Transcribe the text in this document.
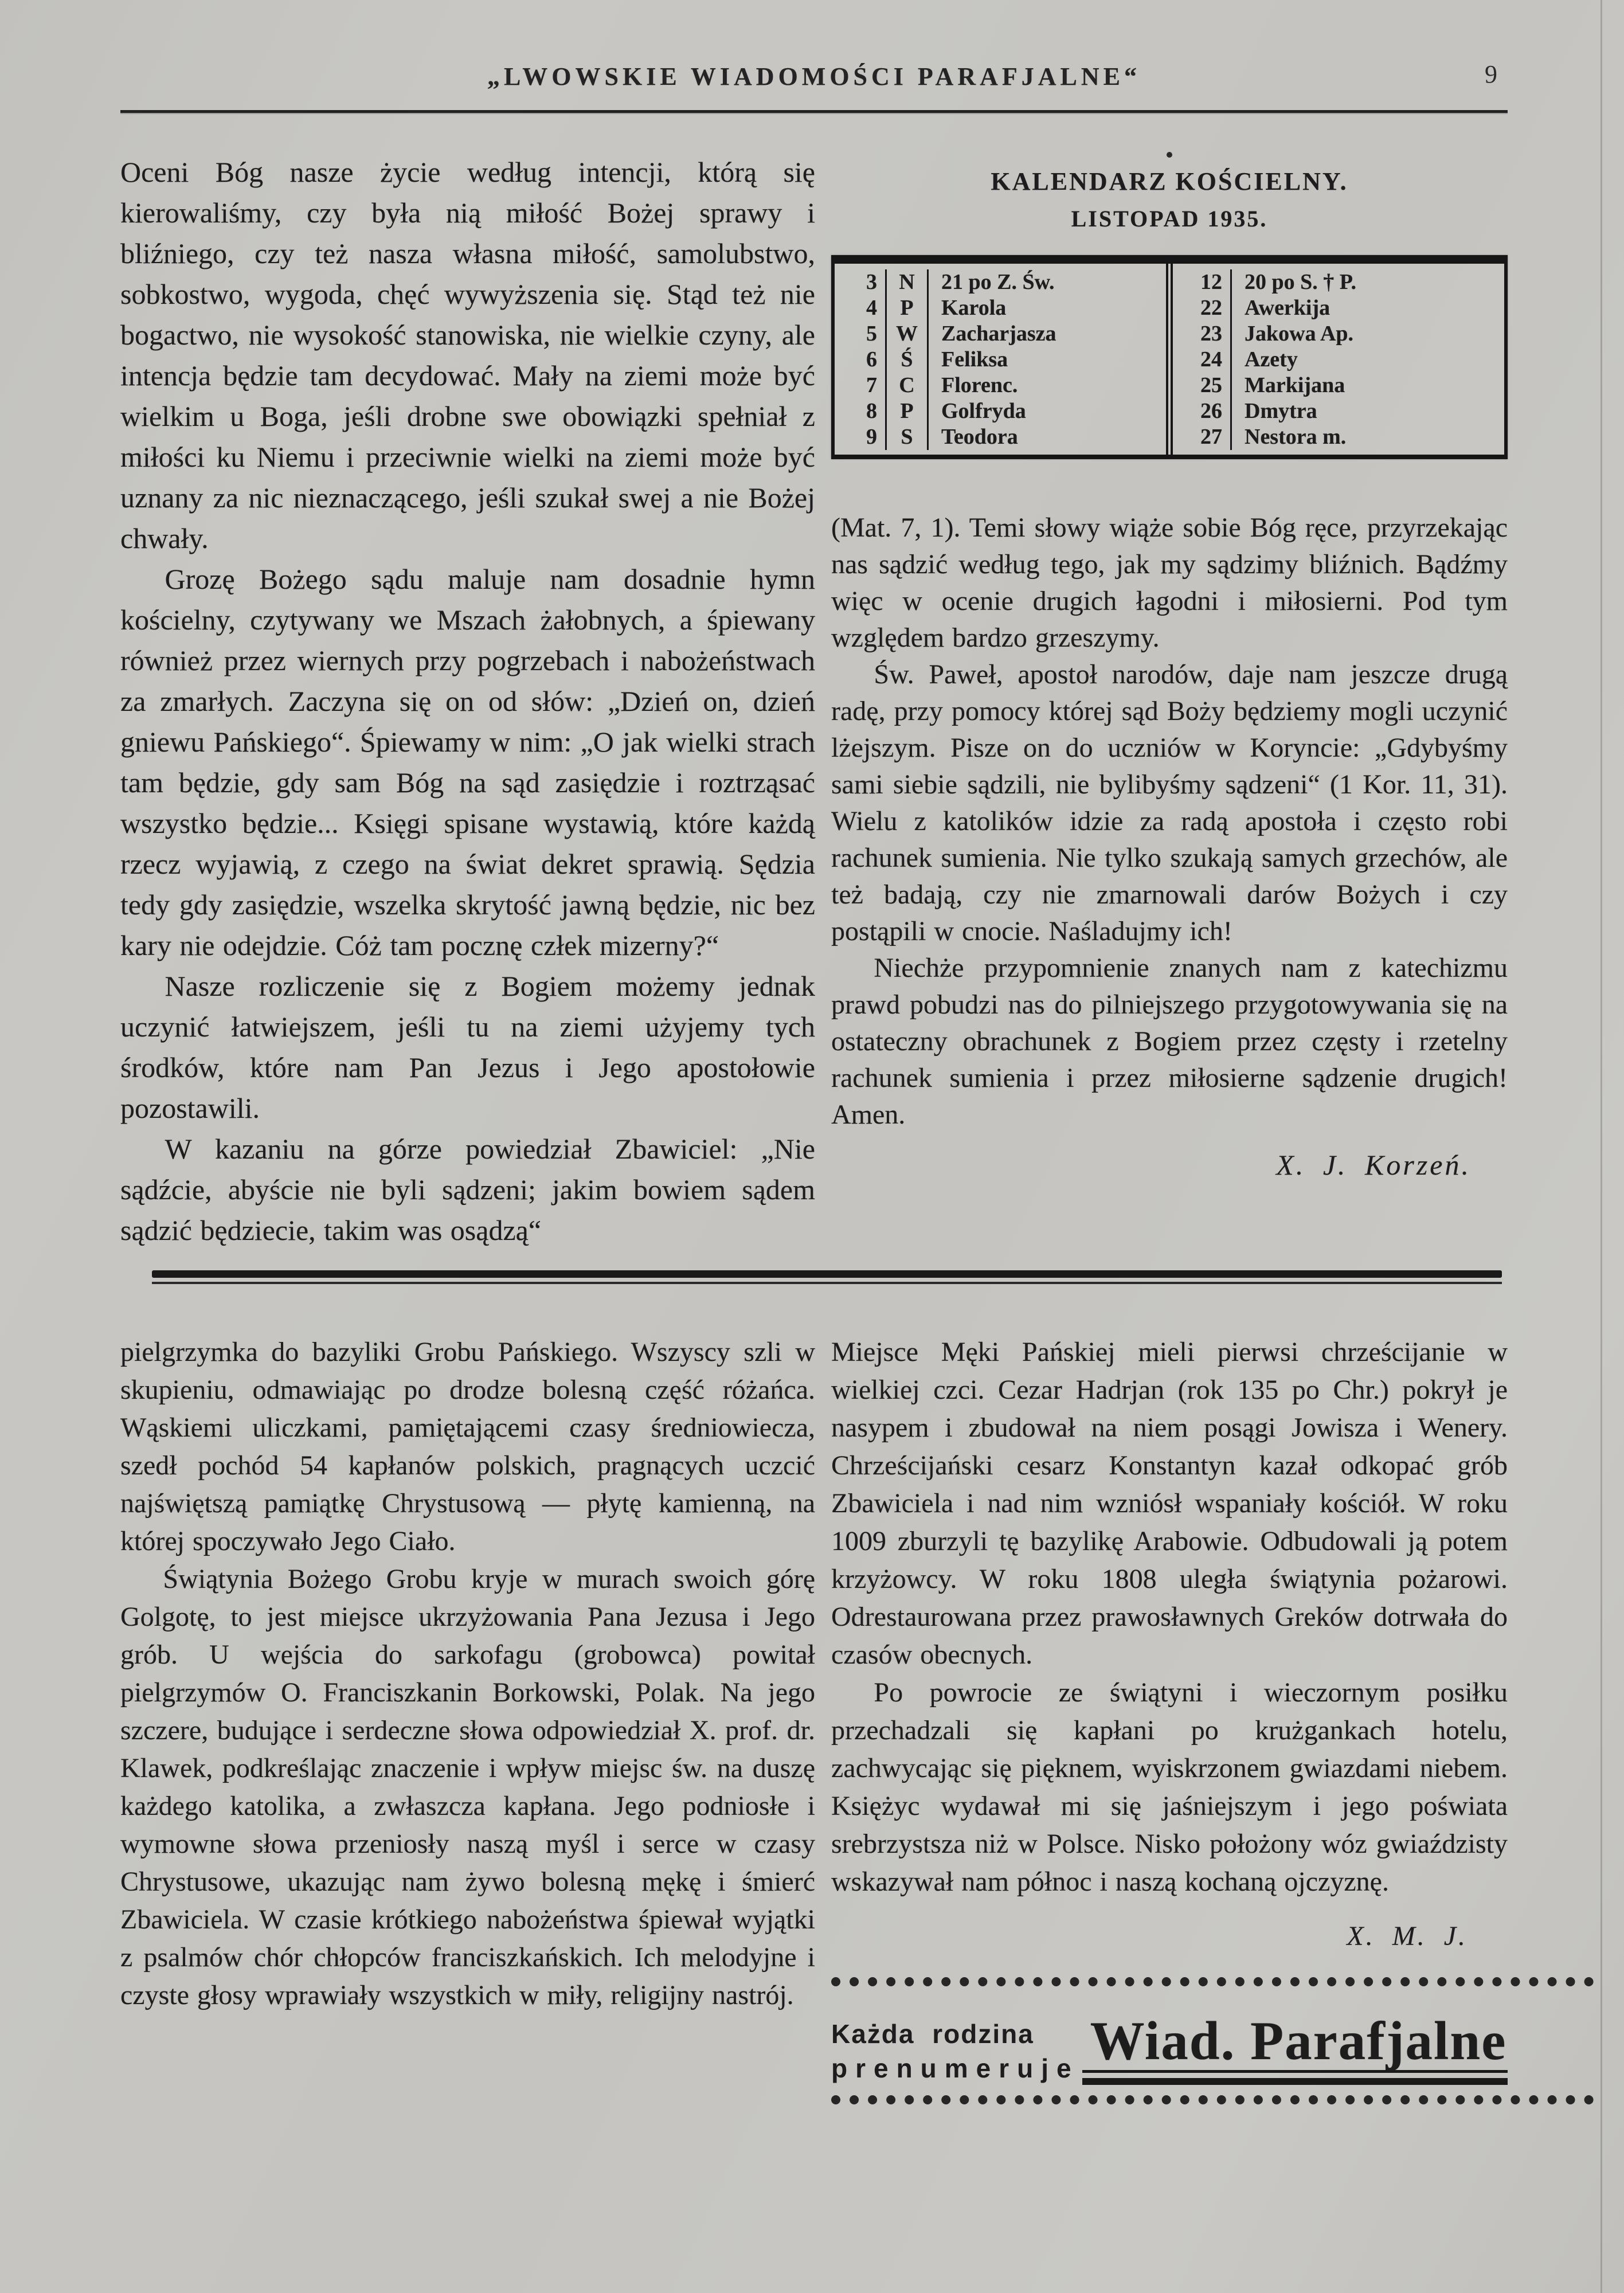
„LWOWSKIE WIADOMOŚCI PARAFJALNE“	9

Oceni Bóg nasze życie według intencji, którą się kierowaliśmy, czy była nią miłość Bożej sprawy i bliźniego, czy też nasza własna miłość, samolubstwo, sobkostwo, wygoda, chęć wywyższenia się. Stąd też nie bogactwo, nie wysokość stanowiska, nie wielkie czyny, ale intencja będzie tam decydować. Mały na ziemi może być wielkim u Boga, jeśli drobne swe obowiązki spełniał z miłości ku Niemu i przeciwnie wielki na ziemi może być uznany za nic nieznaczącego, jeśli szukał swej a nie Bożej chwały.

Grozę Bożego sądu maluje nam dosadnie hymn kościelny, czytywany we Mszach żałobnych, a śpiewany również przez wiernych przy pogrzebach i nabożeństwach za zmarłych. Zaczyna się on od słów: „Dzień on, dzień gniewu Pańskiego“. Śpiewamy w nim: „O jak wielki strach tam będzie, gdy sam Bóg na sąd zasiędzie i roztrząsać wszystko będzie... Księgi spisane wystawią, które każdą rzecz wyjawią, z czego na świat dekret sprawią. Sędzia tedy gdy zasiędzie, wszelka skrytość jawną będzie, nic bez kary nie odejdzie. Cóż tam pocznę człek mizerny?“

Nasze rozliczenie się z Bogiem możemy jednak uczynić łatwiejszem, jeśli tu na ziemi użyjemy tych środków, które nam Pan Jezus i Jego apostołowie pozostawili.

W kazaniu na górze powiedział Zbawiciel: „Nie sądźcie, abyście nie byli sądzeni; jakim bowiem sądem sądzić będziecie, takim was osądzą“

KALENDARZ KOŚCIELNY.
LISTOPAD 1935.
3	N	21 po Z. Św.
4	P	Karola
5 W	Zacharjasza
6	Ś	Feliksa
7	C	Florenc.
8	P	Golfryda
9	S	Teodora
12	20 po S. † P.
22	Awerkija
23	Jakowa Ap.
24	Azety
25	Markijana
26	Dmytra
27	Nestora m.

(Mat. 7, 1). Temi słowy wiąże sobie Bóg ręce, przyrzekając nas sądzić według tego, jak my sądzimy bliźnich. Bądźmy więc w ocenie drugich łagodni i miłosierni. Pod tym względem bardzo grzeszymy.

Św. Paweł, apostoł narodów, daje nam jeszcze drugą radę, przy pomocy której sąd Boży będziemy mogli uczynić lżejszym. Pisze on do uczniów w Koryncie: „Gdybyśmy sami siebie sądzili, nie bylibyśmy sądzeni“ (1 Kor. 11, 31). Wielu z katolików idzie za radą apostoła i często robi rachunek sumienia. Nie tylko szukają samych grzechów, ale też badają, czy nie zmarnowali darów Bożych i czy postąpili w cnocie. Naśladujmy ich!

Niechże przypomnienie znanych nam z katechizmu prawd pobudzi nas do pilniejszego przygotowywania się na ostateczny obrachunek z Bogiem przez częsty i rzetelny rachunek sumienia i przez miłosierne sądzenie drugich! Amen.

X. J. Korzeń.

pielgrzymka do bazyliki Grobu Pańskiego. Wszyscy szli w skupieniu, odmawiając po drodze bolesną część różańca. Wąskiemi uliczkami, pamiętającemi czasy średniowiecza, szedł pochód 54 kapłanów polskich, pragnących uczcić najświętszą pamiątkę Chrystusową — płytę kamienną, na której spoczywało Jego Ciało.

Świątynia Bożego Grobu kryje w murach swoich górę Golgotę, to jest miejsce ukrzyżowania Pana Jezusa i Jego grób. U wejścia do sarkofagu (grobowca) powitał pielgrzymów O. Franciszkanin Borkowski, Polak. Na jego szczere, budujące i serdeczne słowa odpowiedział X. prof. dr. Klawek, podkreślając znaczenie i wpływ miejsc św. na duszę każdego katolika, a zwłaszcza kapłana. Jego podniosłe i wymowne słowa przeniosły naszą myśl i serce w czasy Chrystusowe, ukazując nam żywo bolesną mękę i śmierć Zbawiciela. W czasie krótkiego nabożeństwa śpiewał wyjątki z psalmów chór chłopców franciszkańskich. Ich melodyjne i czyste głosy wprawiały wszystkich w miły, religijny nastrój.

Miejsce Męki Pańskiej mieli pierwsi chrześcijanie w wielkiej czci. Cezar Hadrjan (rok 135 po Chr.) pokrył je nasypem i zbudował na niem posągi Jowisza i Wenery. Chrześcijański cesarz Konstantyn kazał odkopać grób Zbawiciela i nad nim wzniósł wspaniały kościół. W roku 1009 zburzyli tę bazylikę Arabowie. Odbudowali ją potem krzyżowcy. W roku 1808 uległa świątynia pożarowi. Odrestaurowana przez prawosławnych Greków dotrwała do czasów obecnych.

Po powrocie ze świątyni i wieczornym posiłku przechadzali się kapłani po krużgankach hotelu, zachwycając się pięknem, wyiskrzonem gwiazdami niebem. Księżyc wydawał mi się jaśniejszym i jego poświata srebrzystsza niż w Polsce. Nisko położony wóz gwiaździsty wskazywał nam północ i naszą kochaną ojczyznę.

X. M. J.
Każda rodzina
prenumeruje Wiad. Parafjalne
